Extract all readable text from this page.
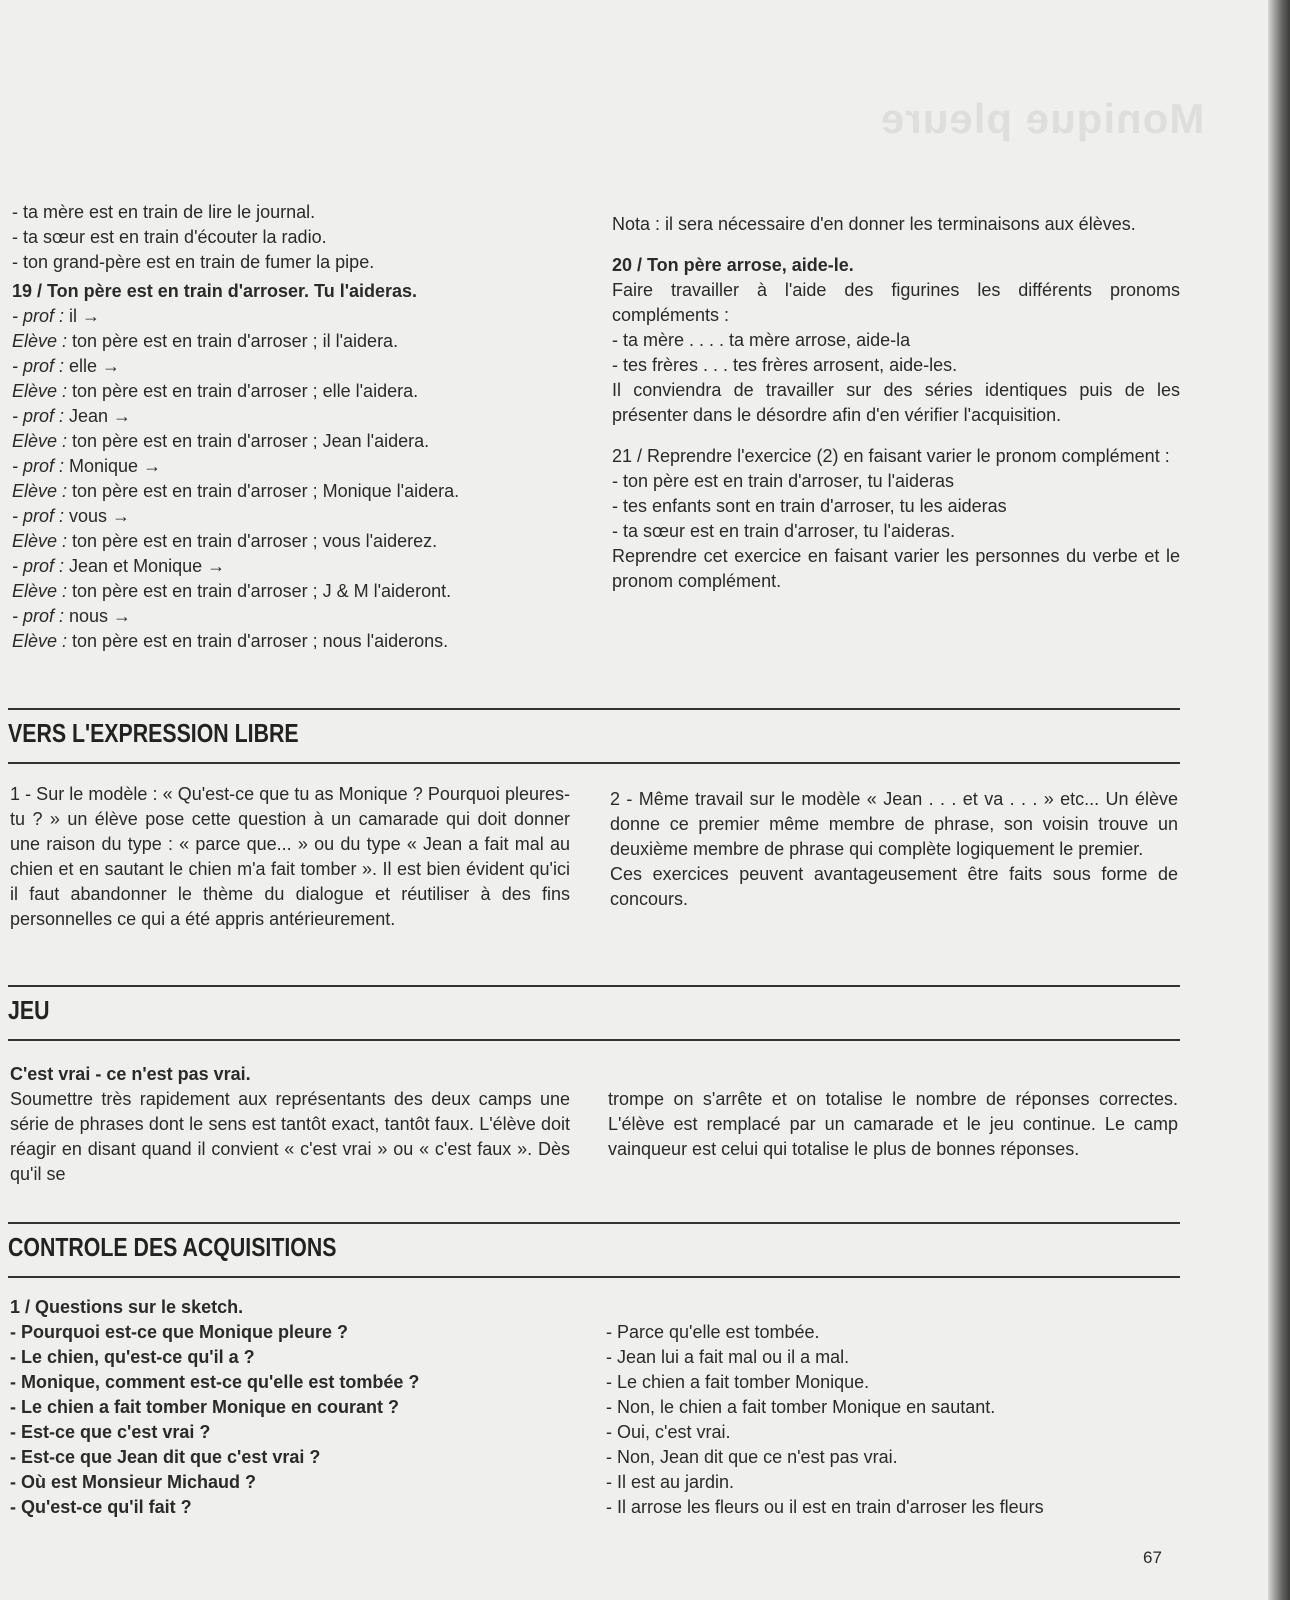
Monique pleure

- ta mère est en train de lire le journal.

- ta sœur est en train d'écouter la radio.

- ton grand-père est en train de fumer la pipe.

19 / Ton père est en train d'arroser. Tu l'aideras.

- prof : il →

Elève : ton père est en train d'arroser ; il l'aidera.

- prof : elle →

Elève : ton père est en train d'arroser ; elle l'aidera.

- prof : Jean →

Elève : ton père est en train d'arroser ; Jean l'aidera.

- prof : Monique →

Elève : ton père est en train d'arroser ; Monique l'aidera.

- prof : vous →

Elève : ton père est en train d'arroser ; vous l'aiderez.

- prof : Jean et Monique →

Elève : ton père est en train d'arroser ; J & M l'aideront.

- prof : nous →

Elève : ton père est en train d'arroser ; nous l'aiderons.

Nota : il sera nécessaire d'en donner les terminaisons aux élèves.

20 / Ton père arrose, aide-le.

Faire travailler à l'aide des figurines les différents pronoms compléments :

- ta mère . . . . ta mère arrose, aide-la

- tes frères . . . tes frères arrosent, aide-les.

Il conviendra de travailler sur des séries identiques puis de les présenter dans le désordre afin d'en vérifier l'acquisition.

21 / Reprendre l'exercice (2) en faisant varier le pronom complément :

- ton père est en train d'arroser, tu l'aideras

- tes enfants sont en train d'arroser, tu les aideras

- ta sœur est en train d'arroser, tu l'aideras.

Reprendre cet exercice en faisant varier les personnes du verbe et le pronom complément.

VERS L'EXPRESSION LIBRE

1 - Sur le modèle : « Qu'est-ce que tu as Monique ? Pourquoi pleures-tu ? » un élève pose cette question à un camarade qui doit donner une raison du type : « parce que... » ou du type « Jean a fait mal au chien et en sautant le chien m'a fait tomber ». Il est bien évident qu'ici il faut abandonner le thème du dialogue et réutiliser à des fins personnelles ce qui a été appris antérieurement.

2 - Même travail sur le modèle « Jean . . . et va . . . » etc... Un élève donne ce premier même membre de phrase, son voisin trouve un deuxième membre de phrase qui complète logiquement le premier.

Ces exercices peuvent avantageusement être faits sous forme de concours.

JEU

C'est vrai - ce n'est pas vrai.

Soumettre très rapidement aux représentants des deux camps une série de phrases dont le sens est tantôt exact, tantôt faux. L'élève doit réagir en disant quand il convient « c'est vrai » ou « c'est faux ». Dès qu'il se

trompe on s'arrête et on totalise le nombre de réponses correctes. L'élève est remplacé par un camarade et le jeu continue. Le camp vainqueur est celui qui totalise le plus de bonnes réponses.

CONTROLE DES ACQUISITIONS

1 / Questions sur le sketch.

- Pourquoi est-ce que Monique pleure ?

- Le chien, qu'est-ce qu'il a ?

- Monique, comment est-ce qu'elle est tombée ?

- Le chien a fait tomber Monique en courant ?

- Est-ce que c'est vrai ?

- Est-ce que Jean dit que c'est vrai ?

- Où est Monsieur Michaud ?

- Qu'est-ce qu'il fait ?

- Parce qu'elle est tombée.

- Jean lui a fait mal ou il a mal.

- Le chien a fait tomber Monique.

- Non, le chien a fait tomber Monique en sautant.

- Oui, c'est vrai.

- Non, Jean dit que ce n'est pas vrai.

- Il est au jardin.

- Il arrose les fleurs ou il est en train d'arroser les fleurs

67
